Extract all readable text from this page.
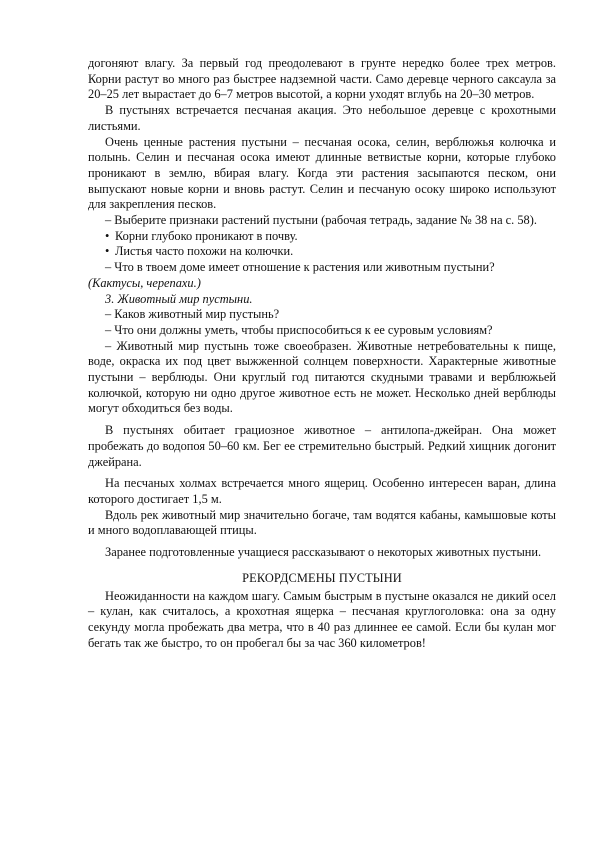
догоняют влагу. За первый год преодолевают в грунте нередко более трех метров. Корни растут во много раз быстрее надземной части. Само деревце черного саксаула за 20–25 лет вырастает до 6–7 метров высотой, а корни уходят вглубь на 20–30 метров.

В пустынях встречается песчаная акация. Это небольшое деревце с крохотными листьями.

Очень ценные растения пустыни – песчаная осока, селин, верблюжья колючка и полынь. Селин и песчаная осока имеют длинные ветвистые корни, которые глубоко проникают в землю, вбирая влагу. Когда эти растения засыпаются песком, они выпускают новые корни и вновь растут. Селин и песчаную осоку широко используют для закрепления песков.

– Выберите признаки растений пустыни (рабочая тетрадь, задание № 38 на с. 58).

• Корни глубоко проникают в почву.

• Листья часто похожи на колючки.

– Что в твоем доме имеет отношение к растения или животным пустыни?

(Кактусы, черепахи.)

3. Животный мир пустыни.

– Каков животный мир пустынь?

– Что они должны уметь, чтобы приспособиться к ее суровым условиям?

– Животный мир пустынь тоже своеобразен. Животные нетребовательны к пище, воде, окраска их под цвет выжженной солнцем поверхности. Характерные животные пустыни – верблюды. Они круглый год питаются скудными травами и верблюжьей колючкой, которую ни одно другое животное есть не может. Несколько дней верблюды могут обходиться без воды.

В пустынях обитает грациозное животное – антилопа-джейран. Она может пробежать до водопоя 50–60 км. Бег ее стремительно быстрый. Редкий хищник догонит джейрана.

На песчаных холмах встречается много ящериц. Особенно интересен варан, длина которого достигает 1,5 м.

Вдоль рек животный мир значительно богаче, там водятся кабаны, камышовые коты и много водоплавающей птицы.

Заранее подготовленные учащиеся рассказывают о некоторых животных пустыни.

РЕКОРДСМЕНЫ ПУСТЫНИ

Неожиданности на каждом шагу. Самым быстрым в пустыне оказался не дикий осел – кулан, как считалось, а крохотная ящерка – песчаная круглоголовка: она за одну секунду могла пробежать два метра, что в 40 раз длиннее ее самой. Если бы кулан мог бегать так же быстро, то он пробегал бы за час 360 километров!
